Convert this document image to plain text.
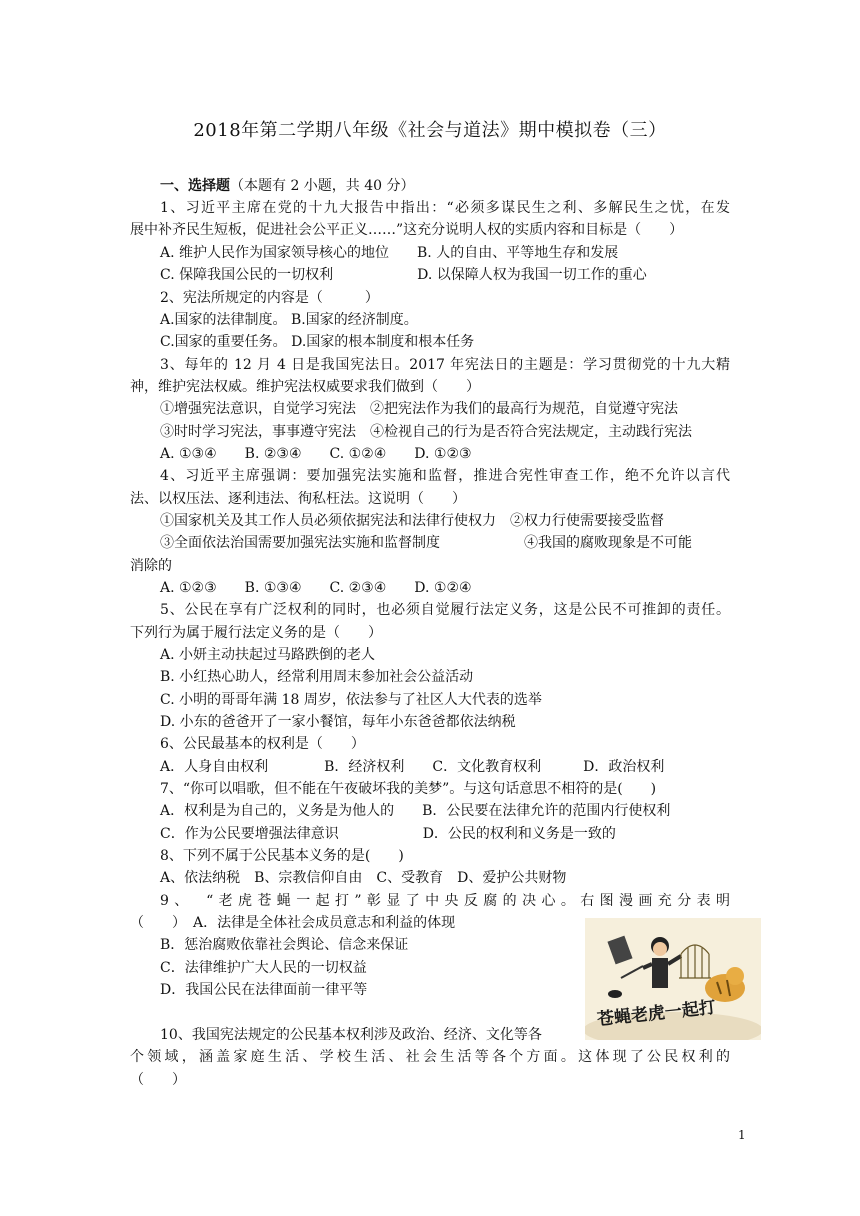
2018年第二学期八年级《社会与道法》期中模拟卷（三）
一、选择题（本题有 2 小题，共 40 分）
1、习近平主席在党的十九大报告中指出：“必须多谋民生之利、多解民生之忧，在发
展中补齐民生短板，促进社会公平正义……”这充分说明人权的实质内容和目标是（　　）
A. 维护人民作为国家领导核心的地位　　B. 人的自由、平等地生存和发展
C. 保障我国公民的一切权利　　　　　　D. 以保障人权为我国一切工作的重心
2、宪法所规定的内容是（　　　）
A.国家的法律制度。 B.国家的经济制度。
C.国家的重要任务。 D.国家的根本制度和根本任务
3、每年的 12 月 4 日是我国宪法日。2017 年宪法日的主题是：学习贯彻党的十九大精
神，维护宪法权威。维护宪法权威要求我们做到（　　）
①增强宪法意识，自觉学习宪法　②把宪法作为我们的最高行为规范，自觉遵守宪法
③时时学习宪法，事事遵守宪法　④检视自己的行为是否符合宪法规定，主动践行宪法
A. ①③④　　B. ②③④　　C. ①②④　　D. ①②③
4、习近平主席强调：要加强宪法实施和监督，推进合宪性审查工作，绝不允许以言代
法、以权压法、逐利违法、徇私枉法。这说明（　　）
①国家机关及其工作人员必须依据宪法和法律行使权力　②权力行使需要接受监督
③全面依法治国需要加强宪法实施和监督制度　　　　　　④我国的腐败现象是不可能
消除的
A. ①②③　　B. ①③④　　C. ②③④　　D. ①②④
5、公民在享有广泛权利的同时，也必须自觉履行法定义务，这是公民不可推卸的责任。
下列行为属于履行法定义务的是（　　）
A. 小妍主动扶起过马路跌倒的老人
B. 小红热心助人，经常利用周末参加社会公益活动
C. 小明的哥哥年满 18 周岁，依法参与了社区人大代表的选举
D. 小东的爸爸开了一家小餐馆，每年小东爸爸都依法纳税
6、公民最基本的权利是（　　）
A．人身自由权利　　　　B．经济权利　　C．文化教育权利　　　D．政治权利
7、“你可以唱歌，但不能在午夜破坏我的美梦”。与这句话意思不相符的是(　　)
A．权利是为自己的，义务是为他人的　　B．公民要在法律允许的范围内行使权利
C．作为公民要增强法律意识　　　　　　D．公民的权利和义务是一致的
8、下列不属于公民基本义务的是(　　)
A、依法纳税　B、宗教信仰自由　C、受教育　D、爱护公共财物
9、　“老虎苍蝇一起打”彰显了中央反腐的决心。右图漫画充分表明
（　　）　A．法律是全体社会成员意志和利益的体现
B．惩治腐败依靠社会舆论、信念来保证
C．法律维护广大人民的一切权益
D．我国公民在法律面前一律平等
10、我国宪法规定的公民基本权利涉及政治、经济、文化等各
个领域，涵盖家庭生活、学校生活、社会生活等各个方面。这体现了公民权利的
（　　）
苍蝇老虎一起打
1
